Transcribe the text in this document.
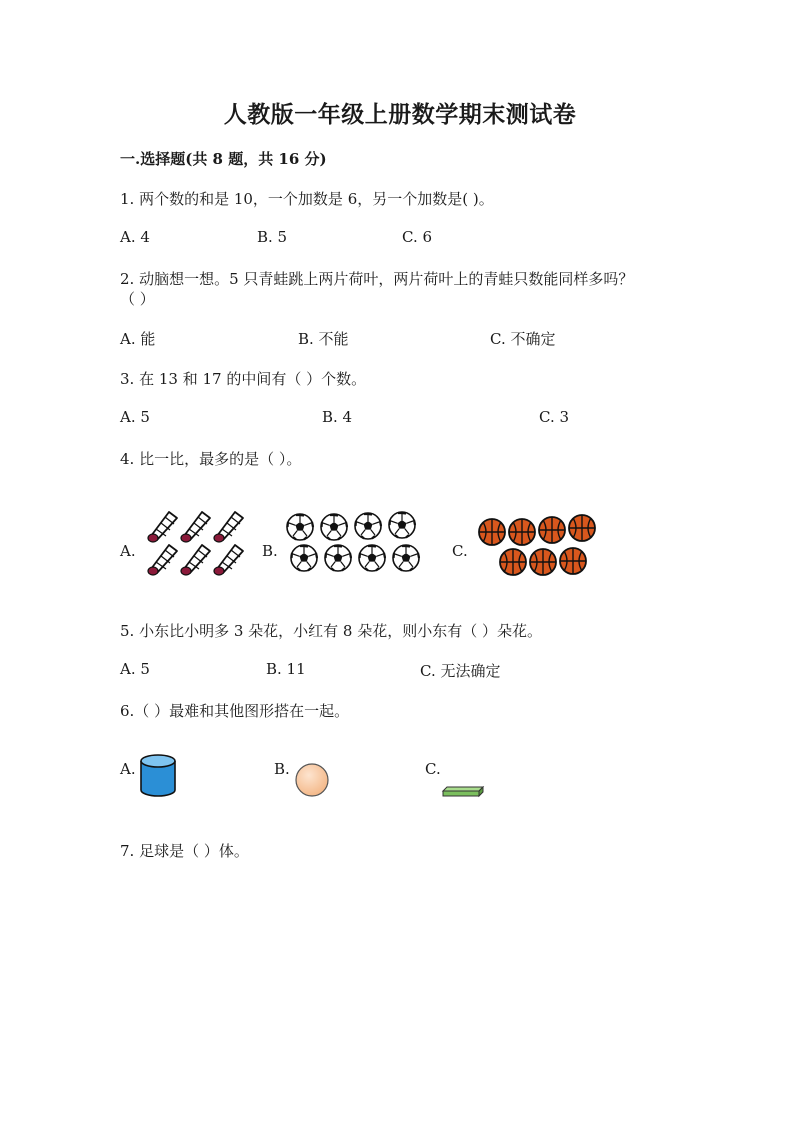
人教版一年级上册数学期末测试卷
一.选择题(共 8 题，共 16 分)
1. 两个数的和是 10，一个加数是 6，另一个加数是( )。
A. 4	B. 5	C. 6
2. 动脑想一想。5 只青蛙跳上两片荷叶，两片荷叶上的青蛙只数能同样多吗？
（ ）
A. 能	B. 不能	C. 不确定
3. 在 13 和 17 的中间有（ ）个数。
A. 5	B. 4	C. 3
4. 比一比，最多的是（ ）。
A.	B.	C.
5. 小东比小明多 3 朵花，小红有 8 朵花，则小东有（ ）朵花。
A. 5	B. 11	C. 无法确定
6.（ ）最难和其他图形搭在一起。
A.	B.	C.
7. 足球是（ ）体。
